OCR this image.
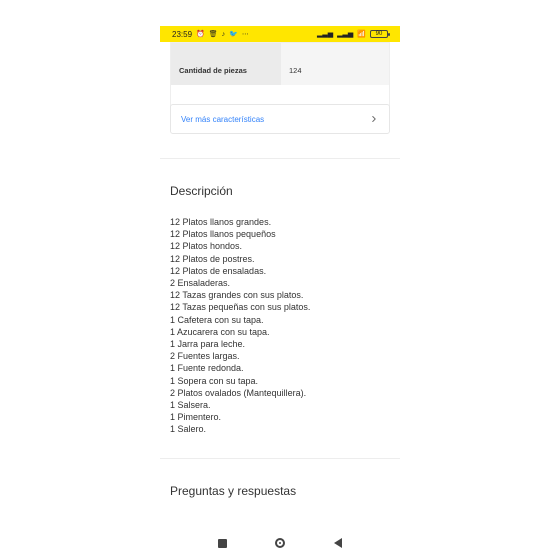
23:59 ⏰ 🗑 ♪ 🐦 ⋯	▂▃▅ ▂▃▅ 📶 90
Cantidad de piezas	124
Ver más características
Descripción
12 Platos llanos grandes.
12 Platos llanos pequeños
12 Platos hondos.
12 Platos de postres.
12 Platos de ensaladas.
2 Ensaladeras.
12 Tazas grandes con sus platos.
12 Tazas pequeñas con sus platos.
1 Cafetera con su tapa.
1 Azucarera con su tapa.
1 Jarra para leche.
2 Fuentes largas.
1 Fuente redonda.
1 Sopera con su tapa.
2 Platos ovalados (Mantequillera).
1 Salsera.
1 Pimentero.
1 Salero.
Preguntas y respuestas
